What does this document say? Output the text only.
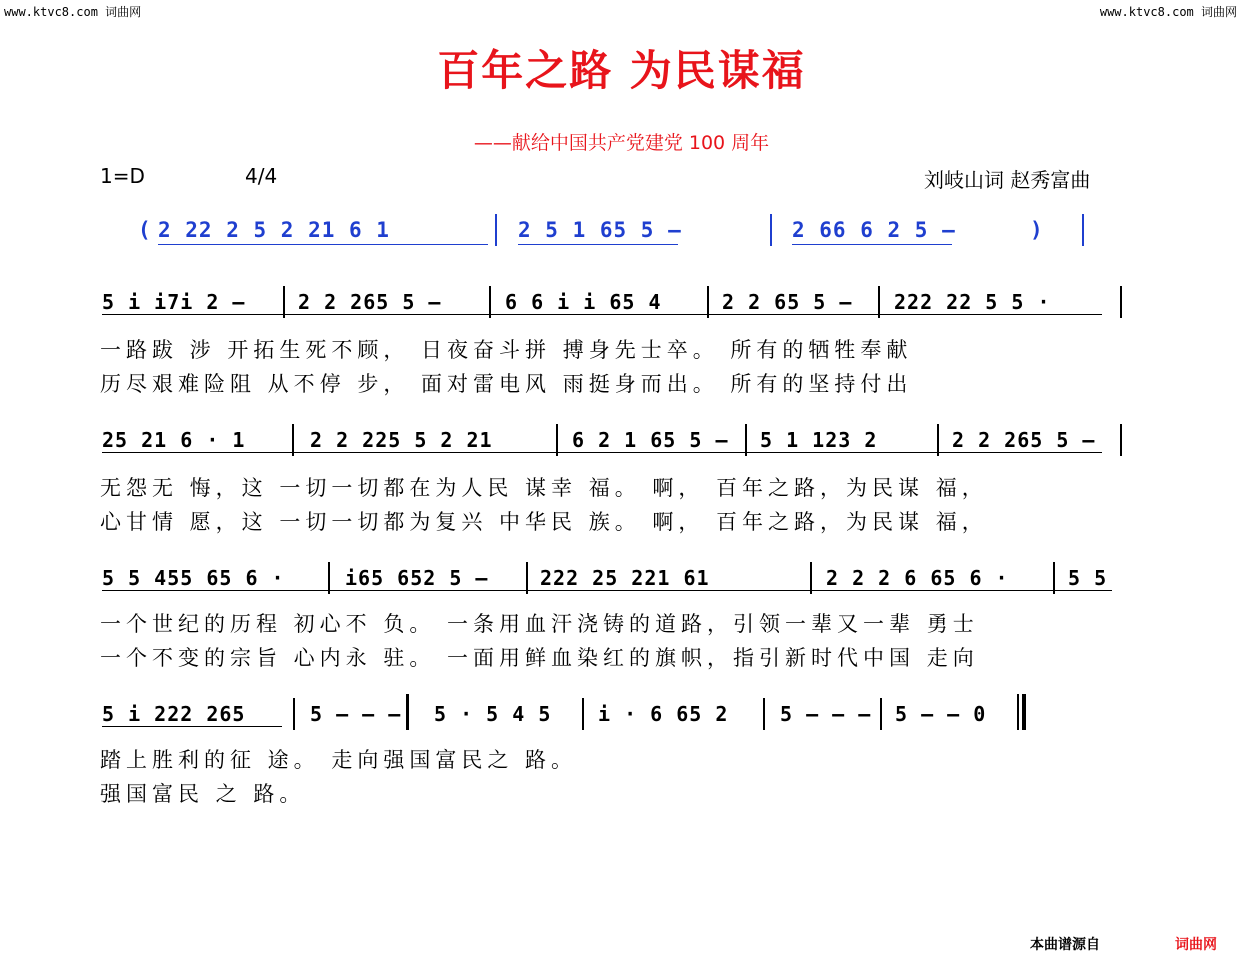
www.ktvc8.com 词曲网	www.ktvc8.com 词曲网
百年之路 为民谋福
——献给中国共产党建党 100 周年
1=D	4/4	刘岐山词 赵秀富曲
( 2 22 2 5 2 21 6 1	2 5 1 65 5 —	2 66 6 2 5 —	)
5 i i7i 2 —	2 2 265 5 —	6 6 i i 65 4	2 2 65 5 — 222 22 5 5 ·
一路跋 涉 开拓生死不顾， 日夜奋斗拼 搏身先士卒。 所有的牺牲奉献
历尽艰难险阻 从不停 步， 面对雷电风 雨挺身而出。 所有的坚持付出
25 21 6 · 1	2 2 225 5 2 21	6 2 1 65 5 — 5 1 123 2	2 2 265 5 —
无怨无 悔，这 一切一切都在为人民 谋幸 福。 啊， 百年之路，为民谋 福，
心甘情 愿，这 一切一切都为复兴 中华民 族。 啊， 百年之路，为民谋 福，
5 5 455 65 6 ·	i65 652 5 —	222 25 221 61	2 2 2 6 65 6 ·	5 5
一个世纪的历程 初心不 负。 一条用血汗浇铸的道路，引领一辈又一辈 勇士
一个不变的宗旨 心内永 驻。 一面用鲜血染红的旗帜，指引新时代中国 走向
5 i 222 265	5 — — — 5 · 5 4 5 i · 6 65 2	5 — — — 5 — — 0
踏上胜利的征 途。 走向强国富民之 路。
强国富民 之 路。
本曲谱源自	词曲网
